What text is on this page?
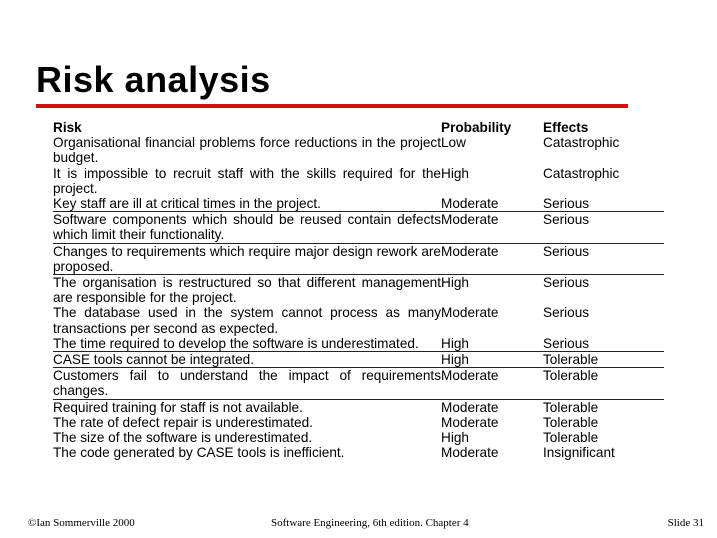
Risk analysis
Risk	Probability	Effects
Organisational financial problems force reductions in the project budget.	Low	Catastrophic
It is impossible to recruit staff with the skills required for the project.	High	Catastrophic
Key staff are ill at critical times in the project.	Moderate	Serious
Software components which should be reused contain defects which limit their functionality.	Moderate	Serious
Changes to requirements which require major design rework are proposed.	Moderate	Serious
The organisation is restructured so that different management are responsible for the project.	High	Serious
The database used in the system cannot process as many transactions per second as expected.	Moderate	Serious
The time required to develop the software is underestimated.	High	Serious
CASE tools cannot be integrated.	High	Tolerable
Customers fail to understand the impact of requirements changes.	Moderate	Tolerable
Required training for staff is not available.	Moderate	Tolerable
The rate of defect repair is underestimated.	Moderate	Tolerable
The size of the software is underestimated.	High	Tolerable
The code generated by CASE tools is inefficient.	Moderate	Insignificant
©Ian Sommerville 2000	Software Engineering, 6th edition. Chapter 4	Slide 31
